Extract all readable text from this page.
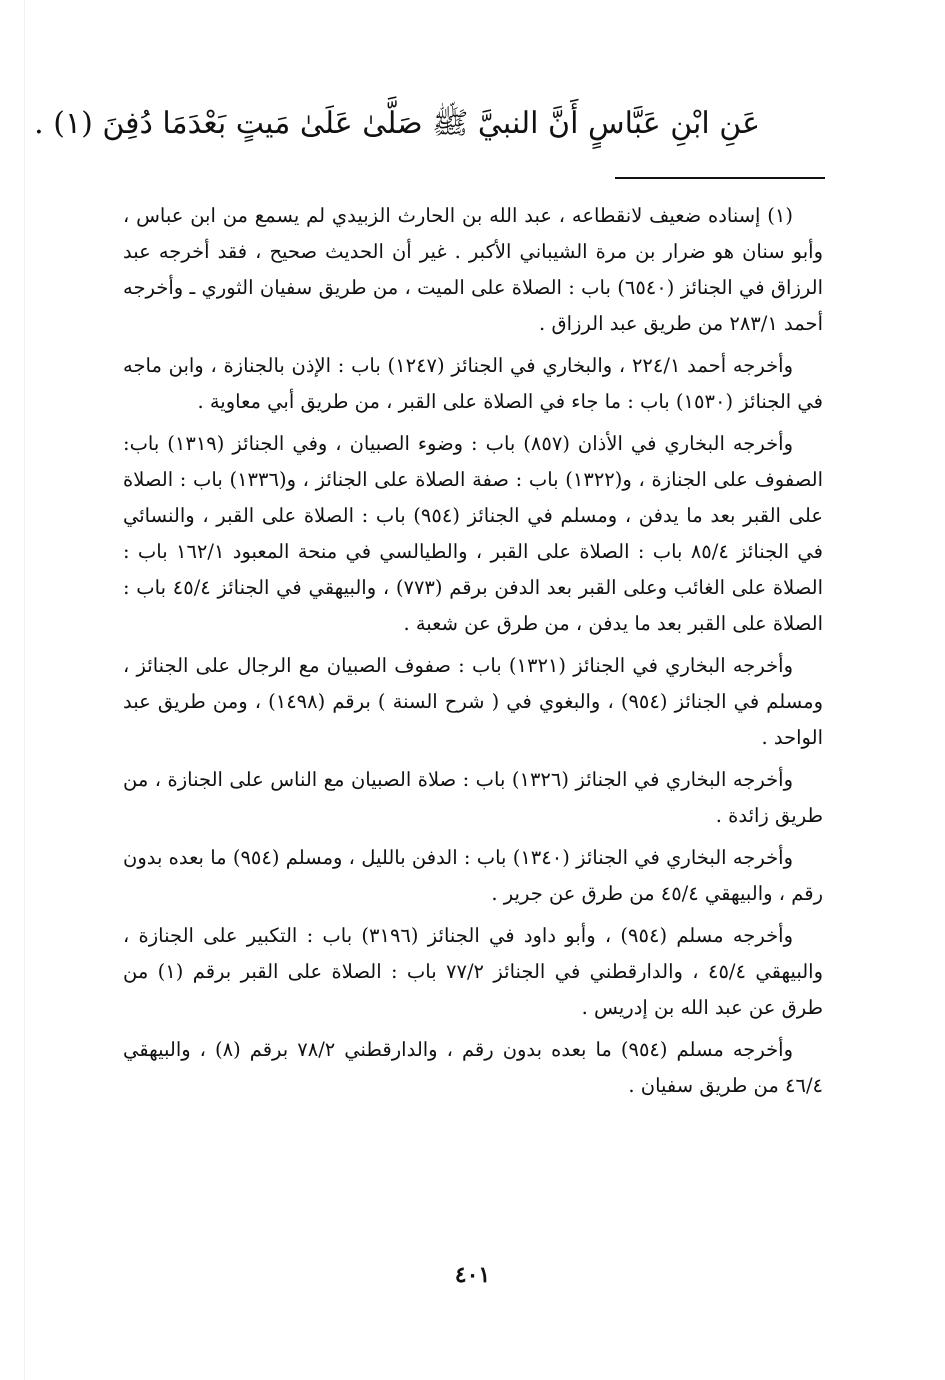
عَنِ ابْنِ عَبَّاسٍ أَنَّ النبيَّ ﷺ صَلَّىٰ عَلَىٰ مَيتٍ بَعْدَمَا دُفِنَ (١) .

(١) إسناده ضعيف لانقطاعه ، عبد الله بن الحارث الزبيدي لم يسمع من ابن عباس ، وأبو سنان هو ضرار بن مرة الشيباني الأكبر . غير أن الحديث صحيح ، فقد أخرجه عبد الرزاق في الجنائز (٦٥٤٠) باب : الصلاة على الميت ، من طريق سفيان الثوري ـ وأخرجه أحمد ٢٨٣/١ من طريق عبد الرزاق .

وأخرجه أحمد ٢٢٤/١ ، والبخاري في الجنائز (١٢٤٧) باب : الإذن بالجنازة ، وابن ماجه في الجنائز (١٥٣٠) باب : ما جاء في الصلاة على القبر ، من طريق أبي معاوية .

وأخرجه البخاري في الأذان (٨٥٧) باب : وضوء الصبيان ، وفي الجنائز (١٣١٩) باب: الصفوف على الجنازة ، و(١٣٢٢) باب : صفة الصلاة على الجنائز ، و(١٣٣٦) باب : الصلاة على القبر بعد ما يدفن ، ومسلم في الجنائز (٩٥٤) باب : الصلاة على القبر ، والنسائي في الجنائز ٨٥/٤ باب : الصلاة على القبر ، والطيالسي في منحة المعبود ١٦٢/١ باب : الصلاة على الغائب وعلى القبر بعد الدفن برقم (٧٧٣) ، والبيهقي في الجنائز ٤٥/٤ باب : الصلاة على القبر بعد ما يدفن ، من طرق عن شعبة .

وأخرجه البخاري في الجنائز (١٣٢١) باب : صفوف الصبيان مع الرجال على الجنائز ، ومسلم في الجنائز (٩٥٤) ، والبغوي في ( شرح السنة ) برقم (١٤٩٨) ، ومن طريق عبد الواحد .

وأخرجه البخاري في الجنائز (١٣٢٦) باب : صلاة الصبيان مع الناس على الجنازة ، من طريق زائدة .

وأخرجه البخاري في الجنائز (١٣٤٠) باب : الدفن بالليل ، ومسلم (٩٥٤) ما بعده بدون رقم ، والبيهقي ٤٥/٤ من طرق عن جرير .

وأخرجه مسلم (٩٥٤) ، وأبو داود في الجنائز (٣١٩٦) باب : التكبير على الجنازة ، والبيهقي ٤٥/٤ ، والدارقطني في الجنائز ٧٧/٢ باب : الصلاة على القبر برقم (١) من طرق عن عبد الله بن إدريس .

وأخرجه مسلم (٩٥٤) ما بعده بدون رقم ، والدارقطني ٧٨/٢ برقم (٨) ، والبيهقي ٤٦/٤ من طريق سفيان .

٤٠١
